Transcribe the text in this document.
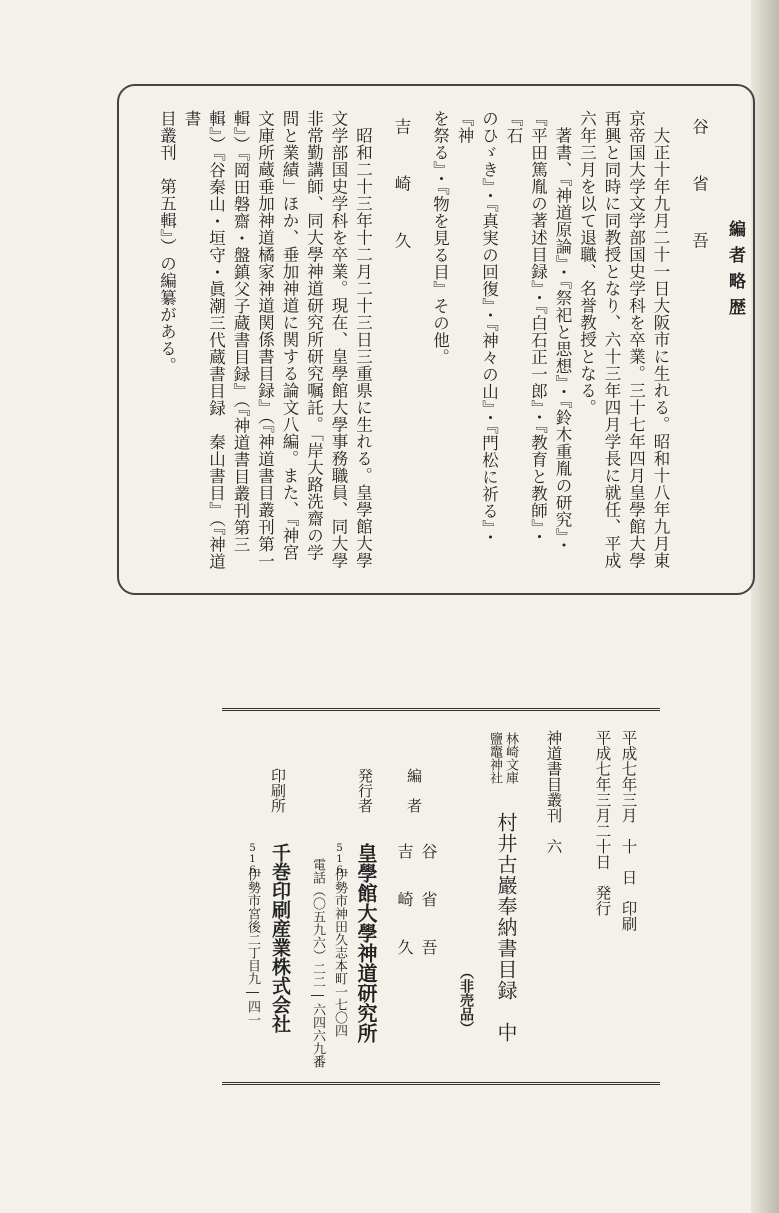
編者略歴

谷　省　吾

大正十年九月二十一日大阪市に生れる。昭和十八年九月東

京帝国大学文学部国史学科を卒業。三十七年四月皇學館大學

再興と同時に同教授となり、六十三年四月学長に就任、平成

六年三月を以て退職、名誉教授となる。

著書、『神道原論』・『祭祀と思想』・『鈴木重胤の研究』・

『平田篤胤の著述目録』・『白石正一郎』・『教育と教師』・『石

のひゞき』・『真実の回復』・『神々の山』・『門松に祈る』・『神

を祭る』・『物を見る目』その他。

吉　崎　久

昭和二十三年十二月二十三日三重県に生れる。皇學館大學

文学部国史学科を卒業。現在、皇學館大學事務職員、同大學

非常勤講師、同大學神道研究所研究嘱託。「岸大路洗齋の学

問と業績」ほか、垂加神道に関する論文八編。また、『神宮

文庫所蔵垂加神道橘家神道関係書目録』（『神道書目叢刊第一

輯』）『岡田磐齋・盤鎮父子蔵書目録』（『神道書目叢刊第三

輯』）『谷秦山・垣守・眞潮三代蔵書目録　秦山書目』（『神道書

目叢刊　第五輯』）の編纂がある。

平成七年三月　十　日　印刷
平成七年三月二十日　発行
神道書目叢刊　六
林崎文庫
鹽竈神社
村井古巖奉納書目録　中
（非売品）
編　者
谷　　省　　吾
吉　　崎　　久
発行者
皇學館大學神道研究所
516
伊勢市神田久志本町一七〇四
電話（〇五九六）二二―六四六九番
印刷所
千巻印刷産業株式会社
516
伊勢市宮後二丁目九―四一
